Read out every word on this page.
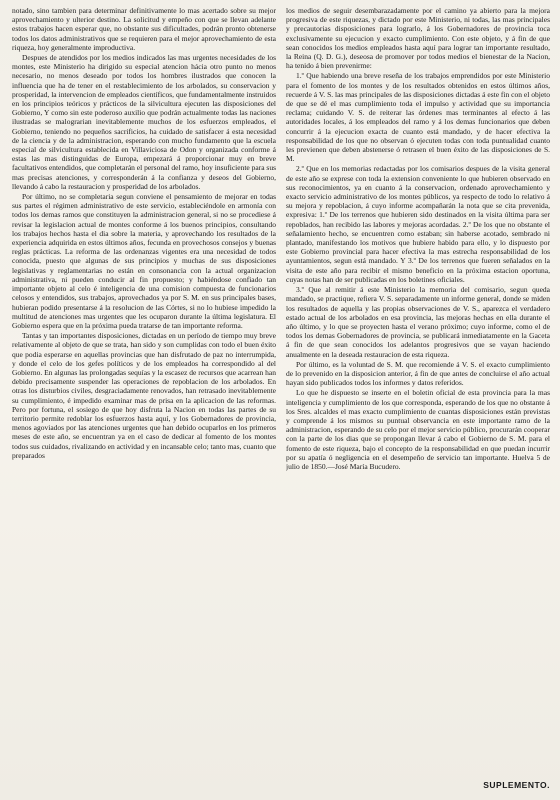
notado, sino tambien para determinar definitivamente lo mas acertado sobre su mejor aprovechamiento y ulterior destino. La solicitud y empeño con que se llevan adelante estos trabajos hacen esperar que, no obstante sus dificultades, podrán pronto obtenerse todos los datos administrativos que se requieren para el mejor aprovechamiento de esta riqueza, hoy generalmente improductiva.

Despues de atendidos por los medios indicados las mas urgentes necesidades de los montes, este Ministerio ha dirigido su especial atencion hácia otro punto no menos necesario, no menos deseado por todos los hombres ilustrados que conocen la influencia que ha de tener en el restablecimiento de los arbolados, su conservacion y prosperidad, la intervencion de empleados científicos, que fundamentalmente instruidos en los principios teóricos y prácticos de la silvicultura ejecuten las disposiciones del Gobierno, Y como sin este poderoso auxilio que podrán actualmente todas las naciones ilustradas se malograrian inevitablemente muchos de los esfuerzos empleados, el Gobierno, teniendo no pequeños sacrificios, ha cuidado de satisfacer á esta necesidad de la ciencia y de la administracion, esperando con mucho fundamento que la escuela especial de silvicultura establecida en Villaviciosa de Odon y organizada conforme á estas las mas distinguidas de Europa, empezará á proporcionar muy en breve facultativos entendidos, que completarán el personal del ramo, hoy insuficiente para sus mas precisas atenciones, y corresponderán á la confianza y deseos del Gobierno, llevando á cabo la restauracion y prosperidad de los arbolados.

Por último, no se completaria segun conviene el pensamiento de mejorar en todas sus partes el régimen administrativo de este servicio, estableciéndole en armonía con todos los demas ramos que constituyen la administracion general, si no se procediese á revisar la legislacion actual de montes conforme á los buenos principios, consultando los trabajos hechos hasta el dia sobre la materia, y aprovechando los resultados de la experiencia adquirida en estos últimos años, fecunda en provechosos consejos y buenas reglas prácticas. La reforma de las ordenanzas vigentes era una necesidad de todos conocida, puesto que algunas de sus principios y muchas de sus disposiciones legislativas y reglamentarias no están en consonancia con la actual organizacion administrativa, ni pueden conducir al fin propuesto; y habiéndose confiado tan importante objeto al celo é inteligencia de una comision compuesta de funcionarios celosos y entendidos, sus trabajos, aprovechados ya por S. M. en sus principales bases, hubieran podido presentarse á la resolucion de las Córtes, si no lo hubiese impedido la multitud de atenciones mas urgentes que les ocuparon durante la última legislatura. El Gobierno espera que en la próxima pueda tratarse de tan importante reforma.

Tantas y tan importantes disposiciones, dictadas en un período de tiempo muy breve relativamente al objeto de que se trata, han sido y son cumplidas con todo el buen éxito que podia esperarse en aquellas provincias que han disfrutado de paz no interrumpida, y donde el celo de los gefes políticos y de los empleados ha correspondido al del Gobierno. En algunas las prolongadas sequías y la escasez de recursos que acarrean han debido precisamente suspender las operaciones de repoblacion de los arbolados. En otras los disturbios civiles, desgraciadamente renovados, han retrasado inevitablemente su cumplimiento, é impedido examinar mas de prisa en la aplicacion de las reformas. Pero por fortuna, el sosiego de que hoy disfruta la Nacion en todas las partes de su territorio permite redoblar los esfuerzos hasta aquí, y los Gobernadores de provincia, menos agoviados por las atenciones urgentes que han debido ocuparlos en los primeros meses de este año, se encuentran ya en el caso de dedicar al fomento de los montes todos sus cuidados, rivalizando en actividad y en incansable celo; tanto mas, cuanto que preparados

los medios de seguir desembarazadamente por el camino ya abierto para la mejora progresiva de este riquezas, y dictado por este Ministerio, ni todas, las mas principales y precautorias disposiciones para lograrlo, á los Gobernadores de provincia toca exclusivamente su ejecucion y exacto cumplimiento. Con este objeto, y á fin de que sean conocidos los medios empleados hasta aquí para lograr tan importante resultado, la Reina (Q. D. G.), deseosa de promover por todos medios el bienestar de la Nacion, ha tenido á bien prevenirme:

1.º Que habiendo una breve reseña de los trabajos emprendidos por este Ministerio para el fomento de los montes y de los resultados obtenidos en estos últimos años, recuerde á V. S. las mas principales de las disposiciones dictadas á este fin con el objeto de que se dé el mas cumplimiento toda el impulso y actividad que su importancia reclama; cuidando V. S. de reiterar las órdenes mas terminantes al efecto á las autoridades locales, á los empleados del ramo y á los demas funcionarios que deben concurrir á la ejecucion exacta de cuanto está mandado, y de hacer efectiva la responsabilidad de los que no observan ó ejecuten todas con toda puntualidad cuanto les previenen que deben abstenerse ó retrasen el buen éxito de las disposiciones de S. M.

2.º Que en los memorias redactadas por los comisarios despues de la visita general de este año se exprese con toda la extension conveniente lo que hubieren observado en sus reconocimientos, ya en cuanto á la conservacion, ordenado aprovechamiento y exacto servicio administrativo de los montes públicos, ya respecto de todo lo relativo á su mejora y repoblacion, á cuyo informe acompañarán la nota que se cita prevenida, expresiva: 1.º De los terrenos que hubieren sido destinados en la visita última para ser repoblados, han recibido las labores y mejoras acordadas. 2.º De los que no obstante el señalamiento hecho, se encuentren como estaban; sin haberse acotado, sembrado ni plantado, manifestando los motivos que hubiere habido para ello, y lo dispuesto por este Gobierno provincial para hacer efectiva la mas estrecha responsabilidad de los ayuntamientos, segun está mandado. Y 3.º De los terrenos que fueren señalados en la visita de este año para recibir el mismo beneficio en la próxima estacion oportuna, cuyas notas han de ser publicadas en los boletines oficiales.

3.º Que al remitir á este Ministerio la memoria del comisario, segun queda mandado, se practique, refiera V. S. separadamente un informe general, donde se miden los resultados de aquella y las propias observaciones de V. S., aparezca el verdadero estado actual de los arbolados en esa provincia, las mejoras hechas en ella durante el año último, y lo que se proyecten hasta el verano próximo; cuyo informe, como el de todos los demas Gobernadores de provincia, se publicará inmediatamente en la Gaceta á fin de que sean conocidos los adelantos progresivos que se vayan haciendo anualmente en la deseada restauracion de esta riqueza.

Por último, es la voluntad de S. M. que recomiende á V. S. el exacto cumplimiento de lo prevenido en la disposicion anterior, á fin de que antes de concluirse el año actual hayan sido publicados todos los informes y datos referidos.

Lo que he dispuesto se inserte en el boletin oficial de esta provincia para la mas inteligencia y cumplimiento de los que corresponda, esperando de los que no obstante á los Sres. alcaldes el mas exacto cumplimiento de cuantas disposiciones están previstas y comprende á los mismos su puntual observancia en este importante ramo de la administracion, esperando de su celo por el mejor servicio público, procurarán cooperar con la parte de los dias que se propongan llevar á cabo el Gobierno de S. M. para el fomento de este riqueza, bajo el concepto de la responsabilidad en que puedan incurrir por su apatía ó negligencia en el desempeño de servicio tan importante. Huelva 5 de julio de 1850.—José María Bucudero.

SUPLEMENTO.
